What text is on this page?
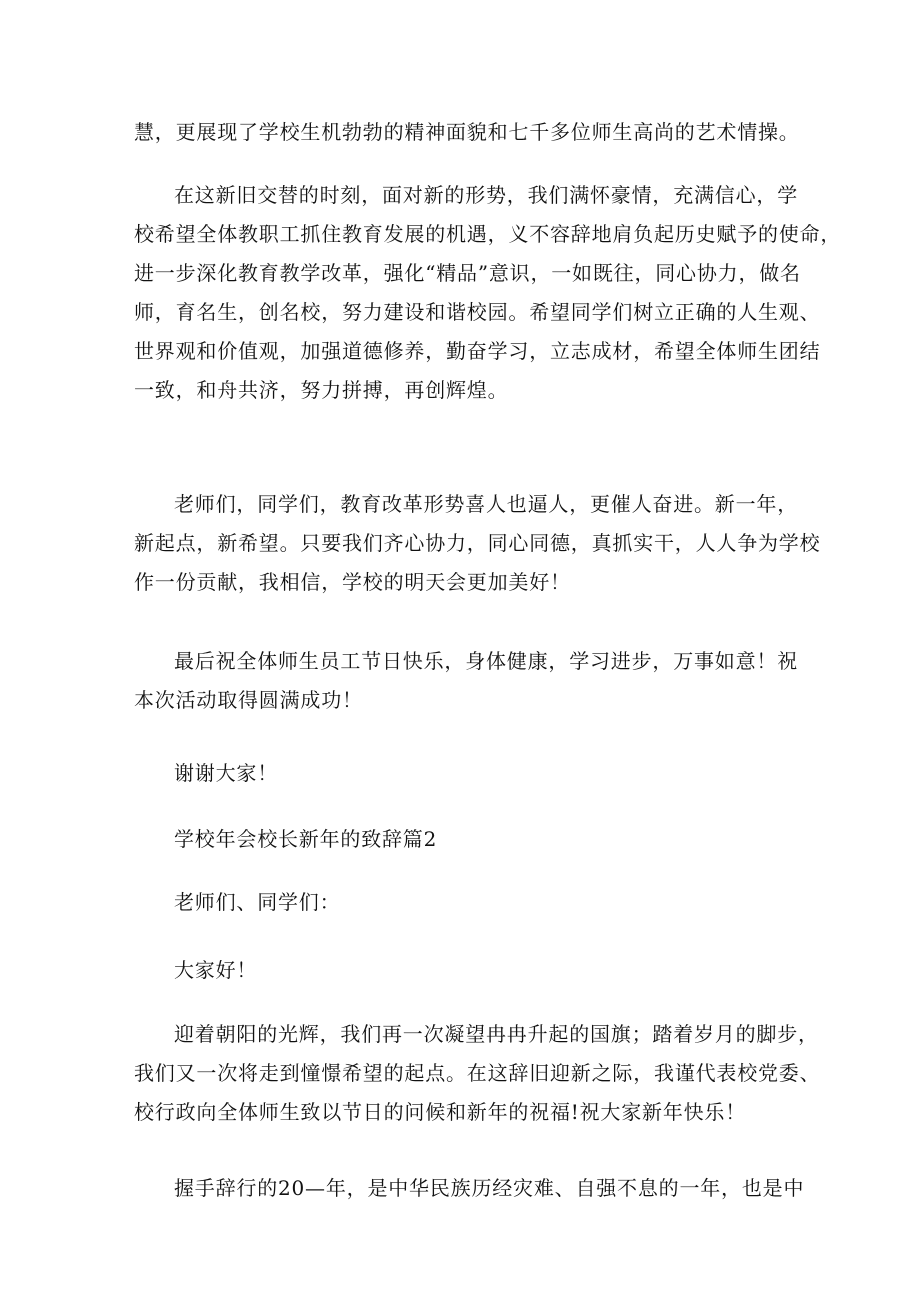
慧，更展现了学校生机勃勃的精神面貌和七千多位师生高尚的艺术情操。

在这新旧交替的时刻，面对新的形势，我们满怀豪情，充满信心，学
校希望全体教职工抓住教育发展的机遇，义不容辞地肩负起历史赋予的使命，
进一步深化教育教学改革，强化“精品”意识，一如既往，同心协力，做名
师，育名生，创名校，努力建设和谐校园。希望同学们树立正确的人生观、
世界观和价值观，加强道德修养，勤奋学习，立志成材，希望全体师生团结
一致，和舟共济，努力拼搏，再创辉煌。

老师们，同学们，教育改革形势喜人也逼人，更催人奋进。新一年，
新起点，新希望。只要我们齐心协力，同心同德，真抓实干，人人争为学校
作一份贡献，我相信，学校的明天会更加美好！

最后祝全体师生员工节日快乐，身体健康，学习进步，万事如意！祝
本次活动取得圆满成功！

谢谢大家！

学校年会校长新年的致辞篇2

老师们、同学们：

大家好！

迎着朝阳的光辉，我们再一次凝望冉冉升起的国旗；踏着岁月的脚步，
我们又一次将走到憧憬希望的起点。在这辞旧迎新之际，我谨代表校党委、
校行政向全体师生致以节日的问候和新年的祝福!祝大家新年快乐！

握手辞行的20—年，是中华民族历经灾难、自强不息的一年，也是中
